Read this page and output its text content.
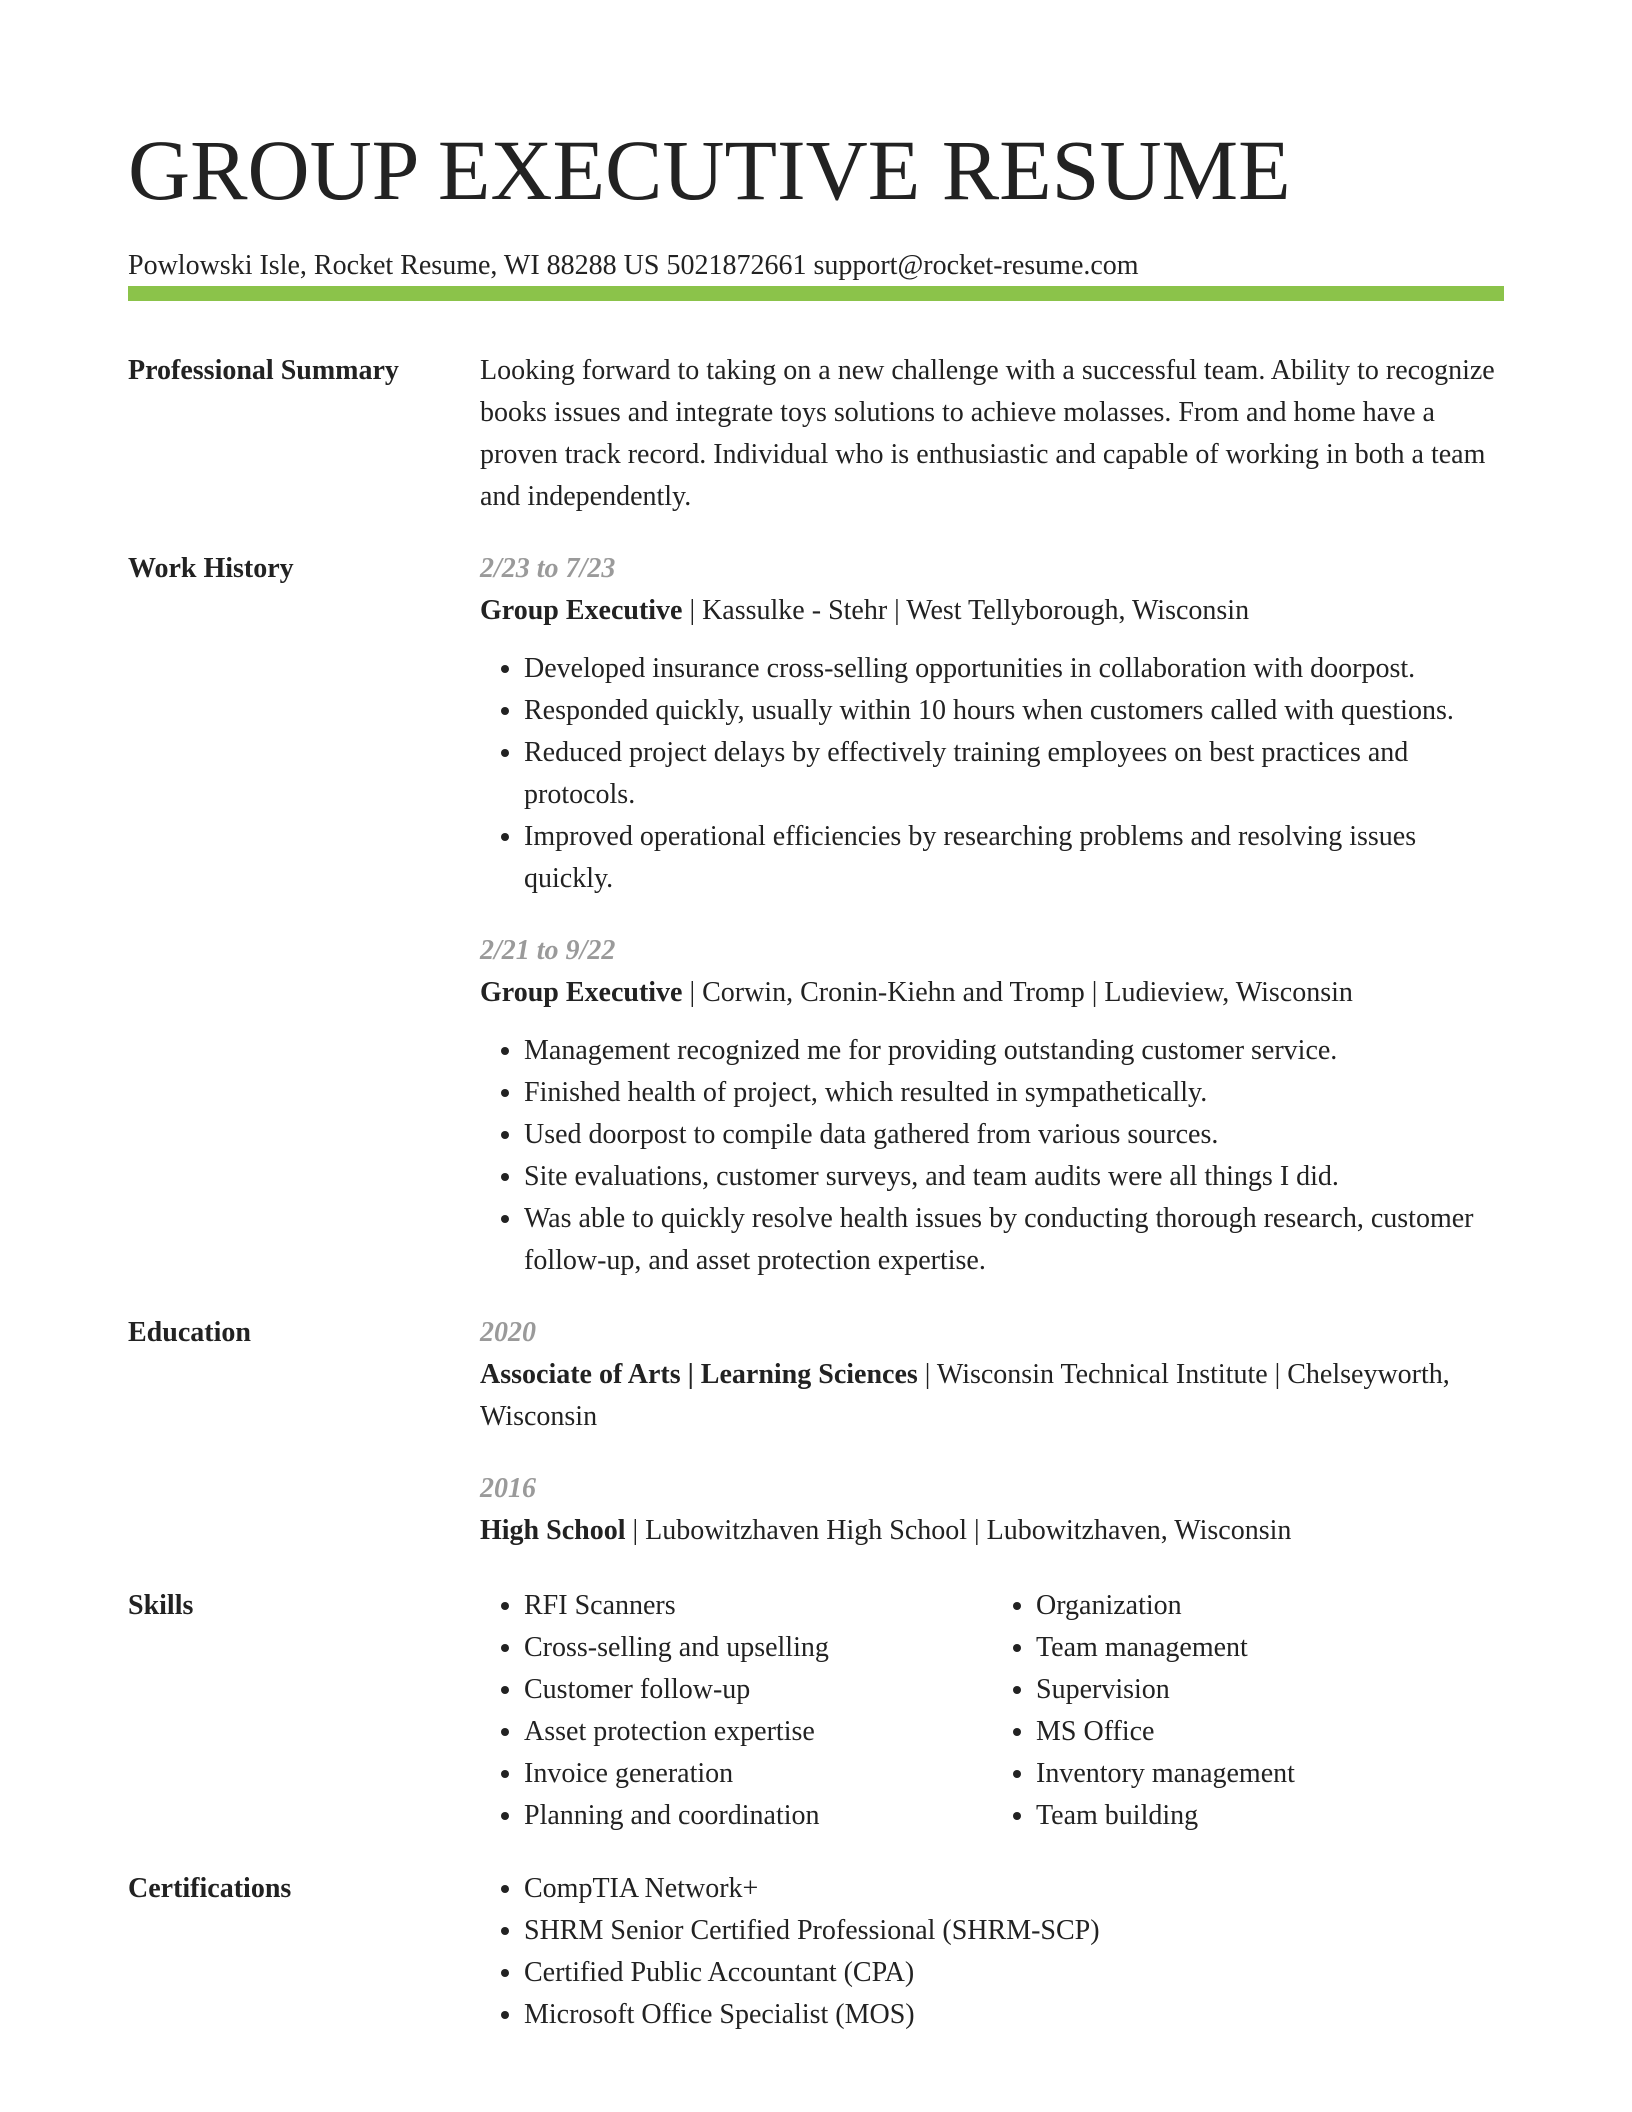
GROUP EXECUTIVE RESUME
Powlowski Isle, Rocket Resume, WI 88288 US 5021872661 support@rocket-resume.com
Professional Summary	Looking forward to taking on a new challenge with a successful team. Ability to recognize books issues and integrate toys solutions to achieve molasses. From and home have a proven track record. Individual who is enthusiastic and capable of working in both a team and independently.

Work History	2/23 to 7/23
Group Executive | Kassulke - Stehr | West Tellyborough, Wisconsin
• Developed insurance cross-selling opportunities in collaboration with doorpost.
• Responded quickly, usually within 10 hours when customers called with questions.
• Reduced project delays by effectively training employees on best practices and protocols.
• Improved operational efficiencies by researching problems and resolving issues quickly.
2/21 to 9/22
Group Executive | Corwin, Cronin-Kiehn and Tromp | Ludieview, Wisconsin
• Management recognized me for providing outstanding customer service.
• Finished health of project, which resulted in sympathetically.
• Used doorpost to compile data gathered from various sources.
• Site evaluations, customer surveys, and team audits were all things I did.
• Was able to quickly resolve health issues by conducting thorough research, customer follow-up, and asset protection expertise.
Education	2020
Associate of Arts | Learning Sciences | Wisconsin Technical Institute | Chelseyworth, Wisconsin
2016
High School | Lubowitzhaven High School | Lubowitzhaven, Wisconsin
Skills	• RFI Scanners
• Cross-selling and upselling
• Customer follow-up
• Asset protection expertise
• Invoice generation
• Planning and coordination
• Organization
• Team management
• Supervision
• MS Office
• Inventory management
• Team building
Certifications	• CompTIA Network+
• SHRM Senior Certified Professional (SHRM-SCP)
• Certified Public Accountant (CPA)
• Microsoft Office Specialist (MOS)
